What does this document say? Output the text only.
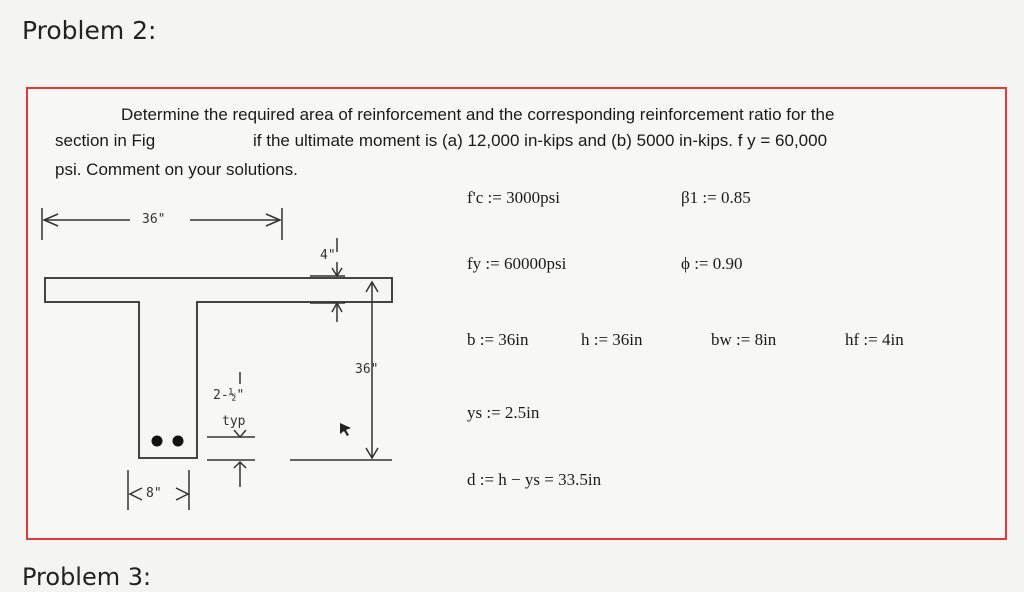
Problem 2:
Determine the required area of reinforcement and the corresponding reinforcement ratio for the
section in Fig	if the ultimate moment is (a) 12,000 in-kips and (b) 5000 in-kips. f y = 60,000
psi. Comment on your solutions.
36"
4"
36"
2-½"
typ
8"
f'c := 3000psi	β1 := 0.85
fy := 60000psi	ϕ := 0.90
b := 36in	h := 36in	bw := 8in	hf := 4in
ys := 2.5in
d := h − ys = 33.5in
Problem 3:
